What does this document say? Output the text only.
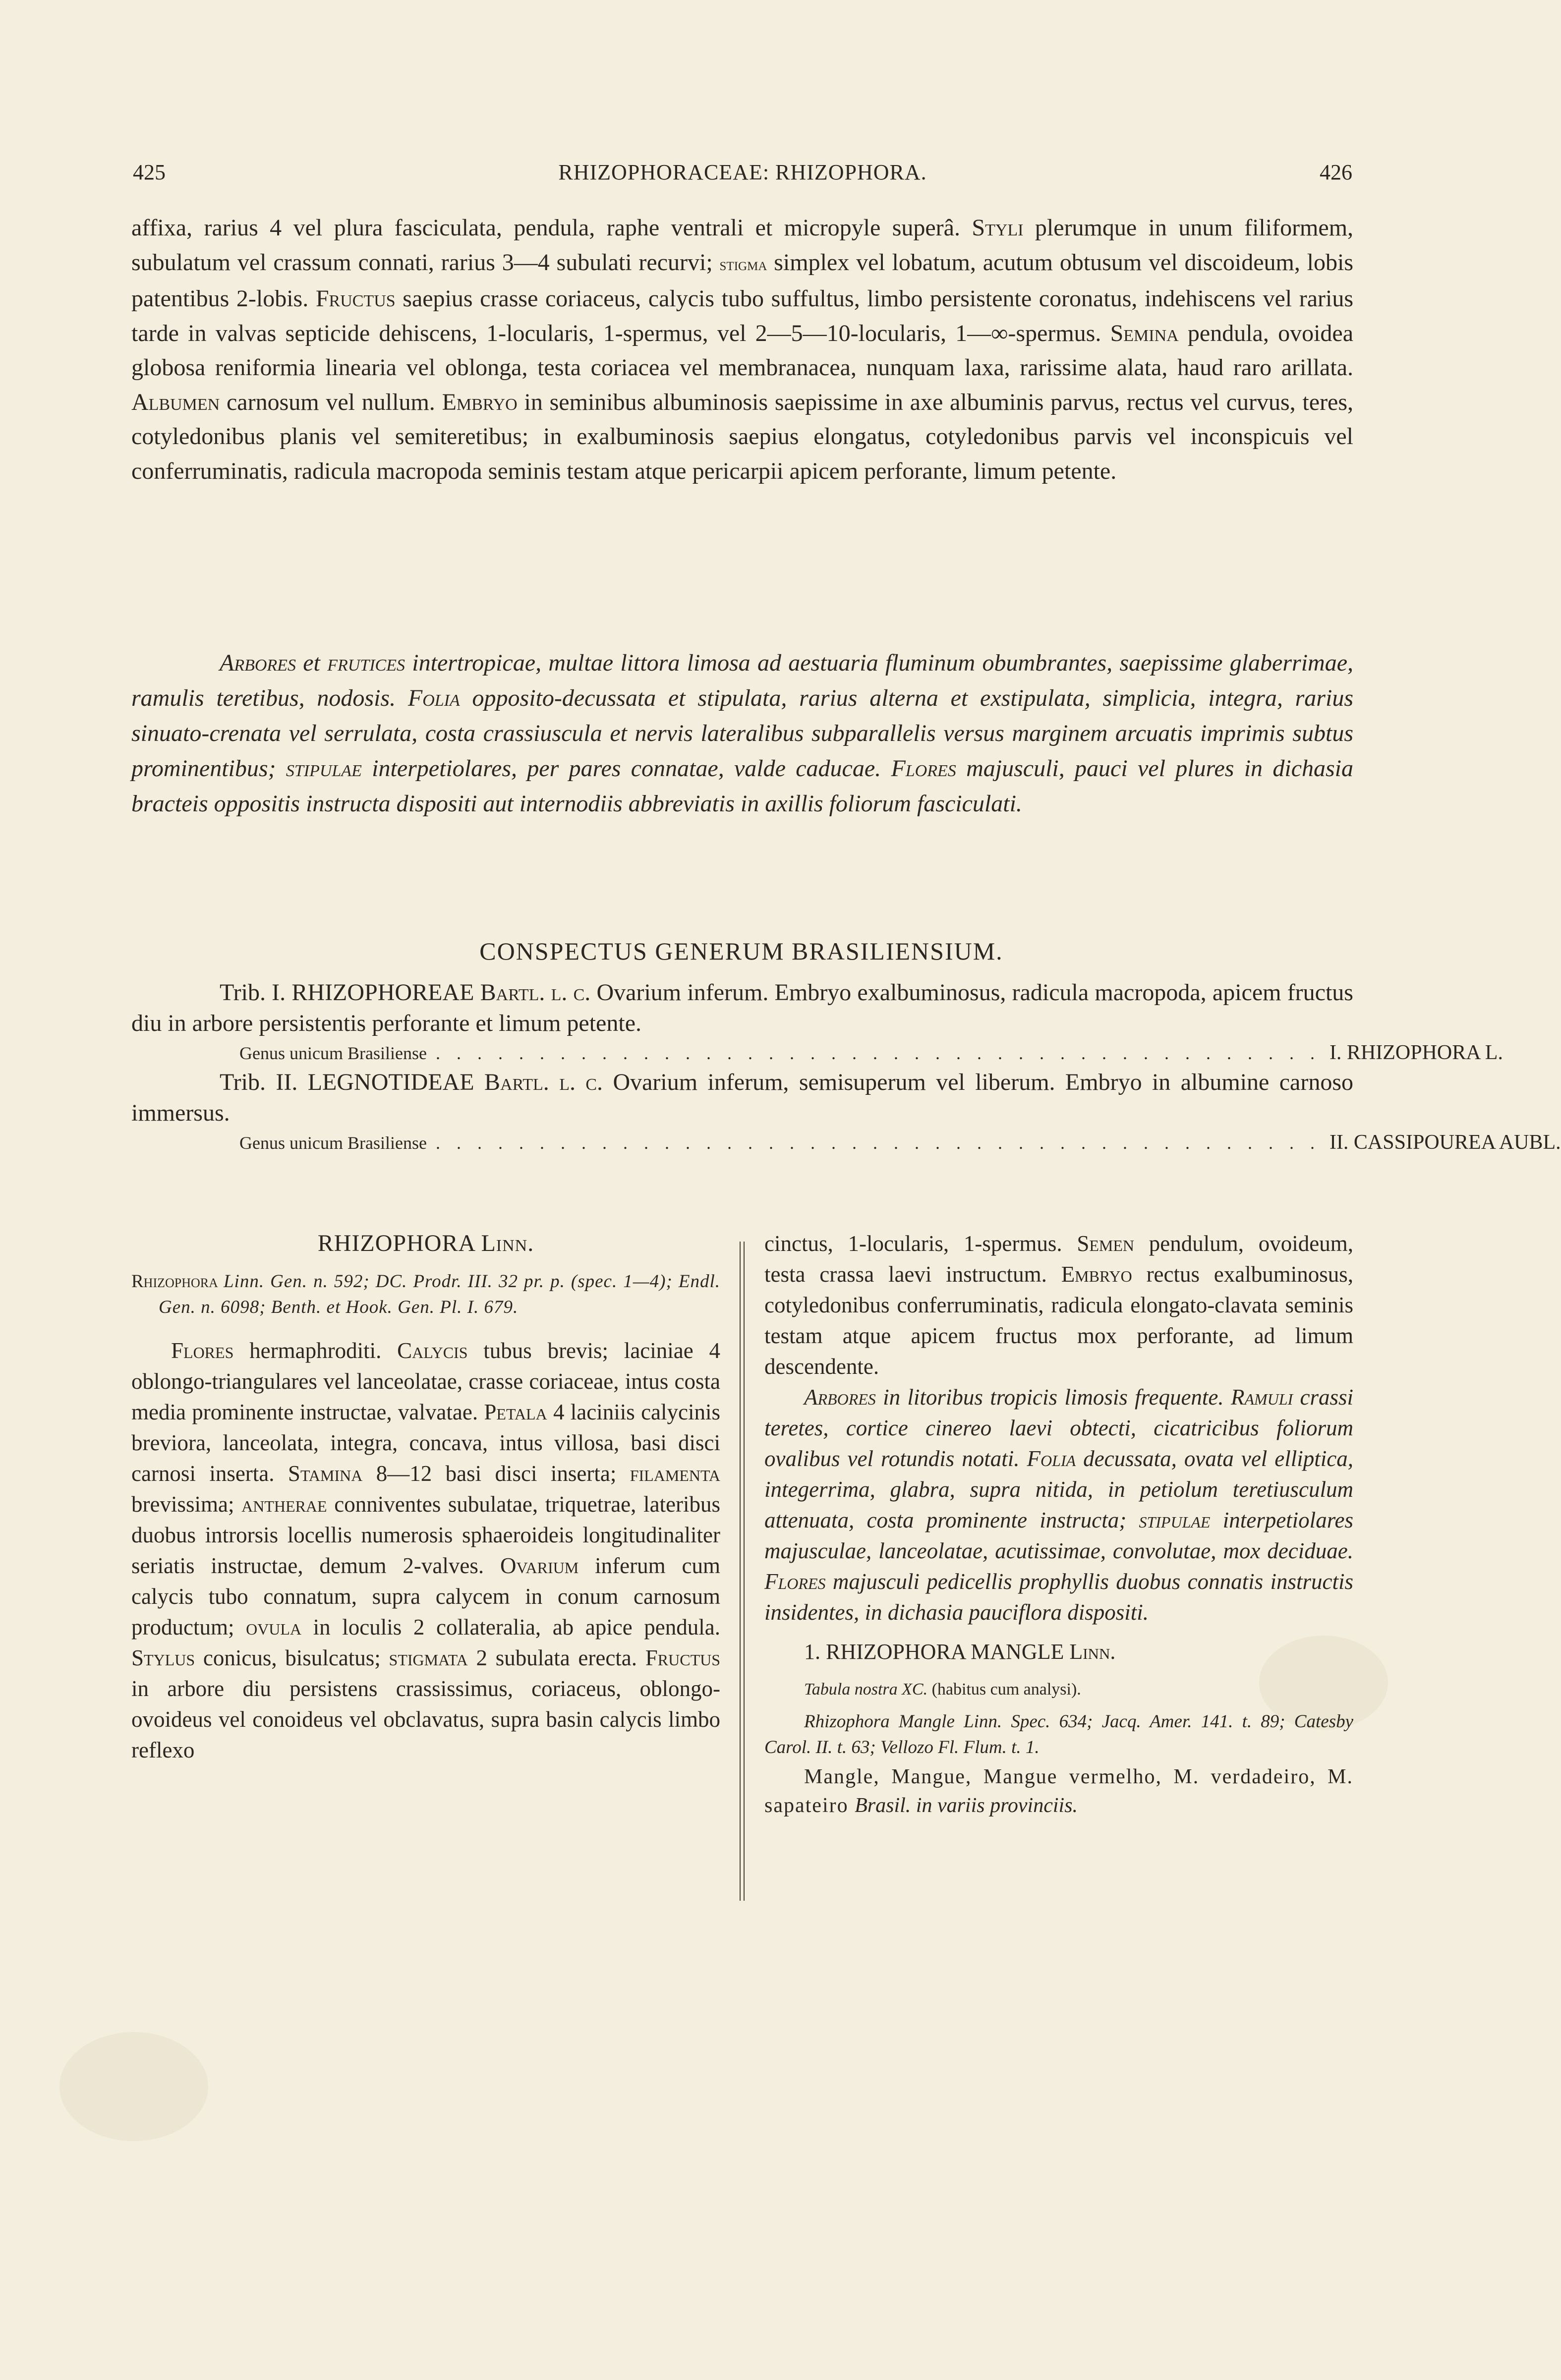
425	RHIZOPHORACEAE: RHIZOPHORA.	426

affixa, rarius 4 vel plura fasciculata, pendula, raphe ventrali et micropyle superâ. Styli plerumque in unum filiformem, subulatum vel crassum connati, rarius 3—4 subulati recurvi; stigma simplex vel lobatum, acutum obtusum vel discoideum, lobis patentibus 2-lobis. Fructus saepius crasse coriaceus, calycis tubo suffultus, limbo persistente coronatus, indehiscens vel rarius tarde in valvas septicide dehiscens, 1-locularis, 1-spermus, vel 2—5—10-locularis, 1—∞-spermus. Semina pendula, ovoidea globosa reniformia linearia vel oblonga, testa coriacea vel membranacea, nunquam laxa, rarissime alata, haud raro arillata. Albumen carnosum vel nullum. Embryo in seminibus albuminosis saepissime in axe albuminis parvus, rectus vel curvus, teres, cotyledonibus planis vel semiteretibus; in exalbuminosis saepius elongatus, cotyledonibus parvis vel inconspicuis vel conferruminatis, radicula macropoda seminis testam atque pericarpii apicem perforante, limum petente.

Arbores et frutices intertropicae, multae littora limosa ad aestuaria fluminum obumbrantes, saepissime glaberrimae, ramulis teretibus, nodosis. Folia opposito-decussata et stipulata, rarius alterna et exstipulata, simplicia, integra, rarius sinuato-crenata vel serrulata, costa crassiuscula et nervis lateralibus subparallelis versus marginem arcuatis imprimis subtus prominentibus; stipulae interpetiolares, per pares connatae, valde caducae. Flores majusculi, pauci vel plures in dichasia bracteis oppositis instructa dispositi aut internodiis abbreviatis in axillis foliorum fasciculati.

CONSPECTUS GENERUM BRASILIENSIUM.

Trib. I. RHIZOPHOREAE Bartl. l. c. Ovarium inferum. Embryo exalbuminosus, radicula macropoda, apicem fructus diu in arbore persistentis perforante et limum petente.

Genus unicum Brasiliense . . . . . . . . . . . . . . . . . . . . . . . . . . . . . . . . . . . . . . . . . . . I. RHIZOPHORA L.

Trib. II. LEGNOTIDEAE Bartl. l. c. Ovarium inferum, semisuperum vel liberum. Embryo in albumine carnoso immersus.

Genus unicum Brasiliense . . . . . . . . . . . . . . . . . . . . . . . . . . . . . . . . . . . . . . . . . . . II. CASSIPOUREA AUBL.

RHIZOPHORA Linn.

Rhizophora Linn. Gen. n. 592; DC. Prodr. III. 32 pr. p. (spec. 1—4); Endl. Gen. n. 6098; Benth. et Hook. Gen. Pl. I. 679.

Flores hermaphroditi. Calycis tubus brevis; laciniae 4 oblongo-triangulares vel lanceolatae, crasse coriaceae, intus costa media prominente instructae, valvatae. Petala 4 laciniis calycinis breviora, lanceolata, integra, concava, intus villosa, basi disci carnosi inserta. Stamina 8—12 basi disci inserta; filamenta brevissima; antherae conniventes subulatae, triquetrae, lateribus duobus introrsis locellis numerosis sphaeroideis longitudinaliter seriatis instructae, demum 2-valves. Ovarium inferum cum calycis tubo connatum, supra calycem in conum carnosum productum; ovula in loculis 2 collateralia, ab apice pendula. Stylus conicus, bisulcatus; stigmata 2 subulata erecta. Fructus in arbore diu persistens crassissimus, coriaceus, oblongo-ovoideus vel conoideus vel obclavatus, supra basin calycis limbo reflexo

cinctus, 1-locularis, 1-spermus. Semen pendulum, ovoideum, testa crassa laevi instructum. Embryo rectus exalbuminosus, cotyledonibus conferruminatis, radicula elongato-clavata seminis testam atque apicem fructus mox perforante, ad limum descendente.

Arbores in litoribus tropicis limosis frequente. Ramuli crassi teretes, cortice cinereo laevi obtecti, cicatricibus foliorum ovalibus vel rotundis notati. Folia decussata, ovata vel elliptica, integerrima, glabra, supra nitida, in petiolum teretiusculum attenuata, costa prominente instructa; stipulae interpetiolares majusculae, lanceolatae, acutissimae, convolutae, mox deciduae. Flores majusculi pedicellis prophyllis duobus connatis instructis insidentes, in dichasia pauciflora dispositi.

1. RHIZOPHORA MANGLE Linn.

Tabula nostra XC. (habitus cum analysi).

Rhizophora Mangle Linn. Spec. 634; Jacq. Amer. 141. t. 89; Catesby Carol. II. t. 63; Vellozo Fl. Flum. t. 1.

Mangle, Mangue, Mangue vermelho, M. verdadeiro, M. sapateiro Brasil. in variis provinciis.
